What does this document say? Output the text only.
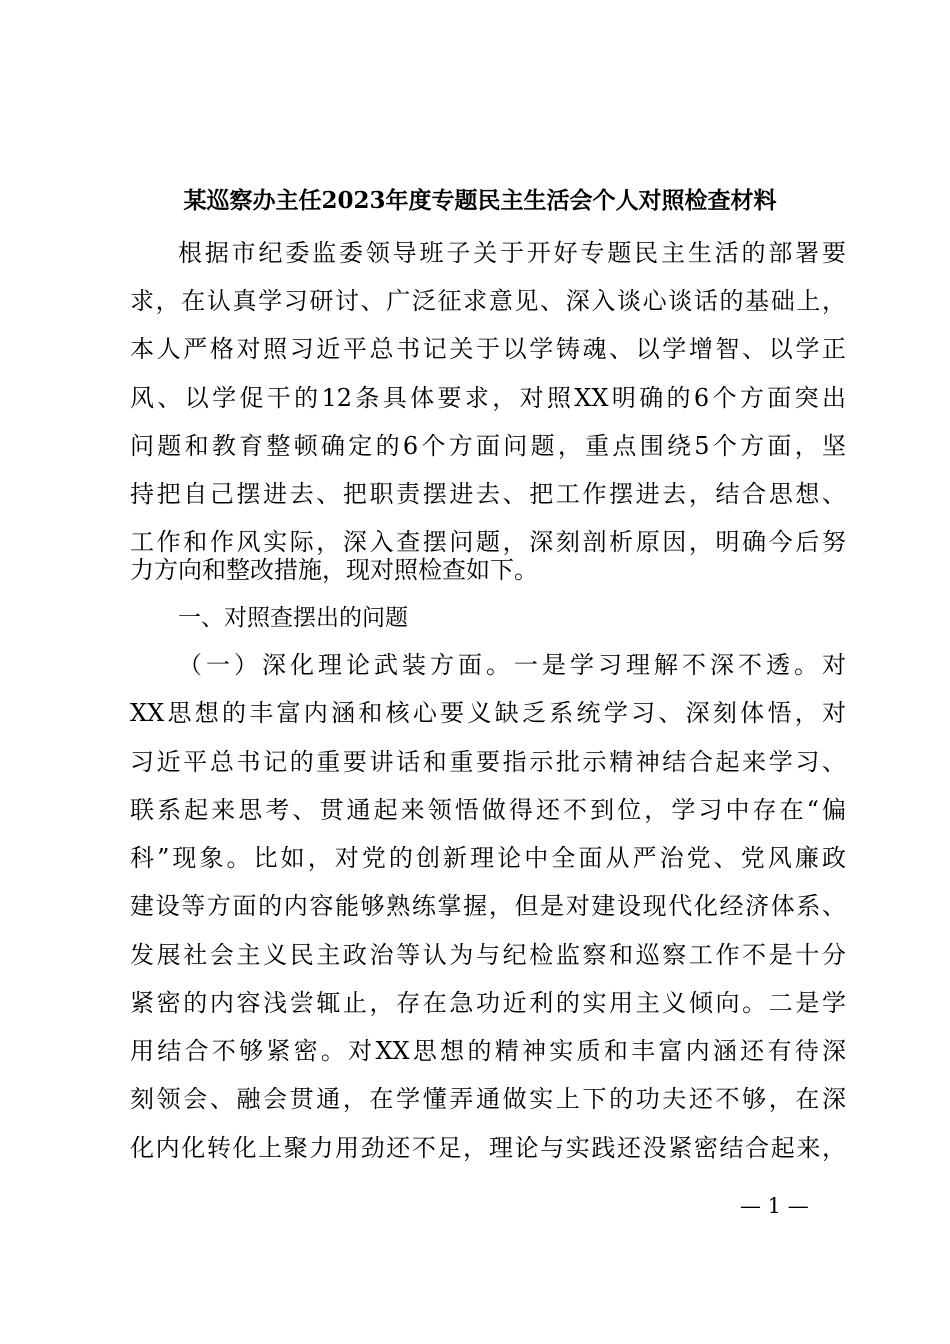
某巡察办主任2023年度专题民主生活会个人对照检查材料
根据市纪委监委领导班子关于开好专题民主生活的部署要
求，在认真学习研讨、广泛征求意见、深入谈心谈话的基础上，
本人严格对照习近平总书记关于以学铸魂、以学增智、以学正
风、以学促干的12条具体要求，对照XX明确的6个方面突出
问题和教育整顿确定的6个方面问题，重点围绕5个方面，坚
持把自己摆进去、把职责摆进去、把工作摆进去，结合思想、
工作和作风实际，深入查摆问题，深刻剖析原因，明确今后努
力方向和整改措施，现对照检查如下。
一、对照查摆出的问题
（一）深化理论武装方面。一是学习理解不深不透。对
XX思想的丰富内涵和核心要义缺乏系统学习、深刻体悟，对
习近平总书记的重要讲话和重要指示批示精神结合起来学习、
联系起来思考、贯通起来领悟做得还不到位，学习中存在“偏
科”现象。比如，对党的创新理论中全面从严治党、党风廉政
建设等方面的内容能够熟练掌握，但是对建设现代化经济体系、
发展社会主义民主政治等认为与纪检监察和巡察工作不是十分
紧密的内容浅尝辄止，存在急功近利的实用主义倾向。二是学
用结合不够紧密。对XX思想的精神实质和丰富内涵还有待深
刻领会、融会贯通，在学懂弄通做实上下的功夫还不够，在深
化内化转化上聚力用劲还不足，理论与实践还没紧密结合起来，
— 1 —
